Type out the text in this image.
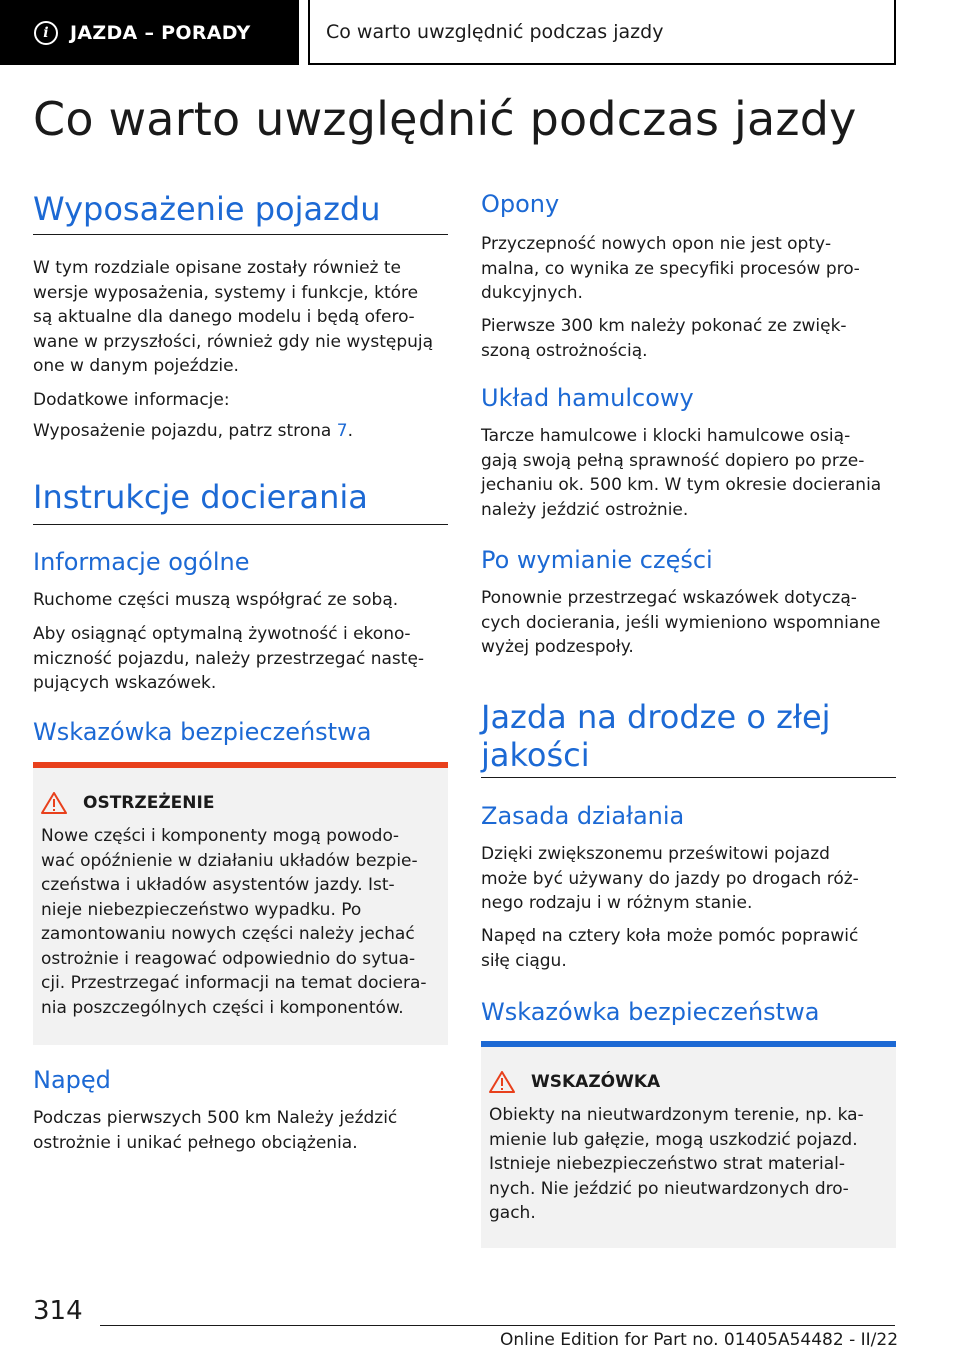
i	JAZDA – PORADY	Co warto uwzględnić podczas jazdy
Co warto uwzględnić podczas jazdy
Wyposażenie pojazdu
W tym rozdziale opisane zostały również te
wersje wyposażenia, systemy i funkcje, które
są aktualne dla danego modelu i będą ofero‐
wane w przyszłości, również gdy nie występują
one w danym pojeździe.
Dodatkowe informacje:
Wyposażenie pojazdu, patrz strona 7.
Instrukcje docierania
Informacje ogólne
Ruchome części muszą współgrać ze sobą.
Aby osiągnąć optymalną żywotność i ekono‐
miczność pojazdu, należy przestrzegać nastę‐
pujących wskazówek.
Wskazówka bezpieczeństwa
OSTRZEŻENIE
Nowe części i komponenty mogą powodo‐
wać opóźnienie w działaniu układów bezpie‐
czeństwa i układów asystentów jazdy. Ist‐
nieje niebezpieczeństwo wypadku. Po
zamontowaniu nowych części należy jechać
ostrożnie i reagować odpowiednio do sytua‐
cji. Przestrzegać informacji na temat dociera‐
nia poszczególnych części i komponentów.
Napęd
Podczas pierwszych 500 km Należy jeździć
ostrożnie i unikać pełnego obciążenia.
Opony
Przyczepność nowych opon nie jest opty‐
malna, co wynika ze specyfiki procesów pro‐
dukcyjnych.
Pierwsze 300 km należy pokonać ze zwięk‐
szoną ostrożnością.
Układ hamulcowy
Tarcze hamulcowe i klocki hamulcowe osią‐
gają swoją pełną sprawność dopiero po prze‐
jechaniu ok. 500 km. W tym okresie docierania
należy jeździć ostrożnie.
Po wymianie części
Ponownie przestrzegać wskazówek dotyczą‐
cych docierania, jeśli wymieniono wspomniane
wyżej podzespoły.
Jazda na drodze o złej
jakości
Zasada działania
Dzięki zwiększonemu prześwitowi pojazd
może być używany do jazdy po drogach róż‐
nego rodzaju i w różnym stanie.
Napęd na cztery koła może pomóc poprawić
siłę ciągu.
Wskazówka bezpieczeństwa
WSKAZÓWKA
Obiekty na nieutwardzonym terenie, np. ka‐
mienie lub gałęzie, mogą uszkodzić pojazd.
Istnieje niebezpieczeństwo strat material‐
nych. Nie jeździć po nieutwardzonych dro‐
gach.
314
Online Edition for Part no. 01405A54482 - II/22
